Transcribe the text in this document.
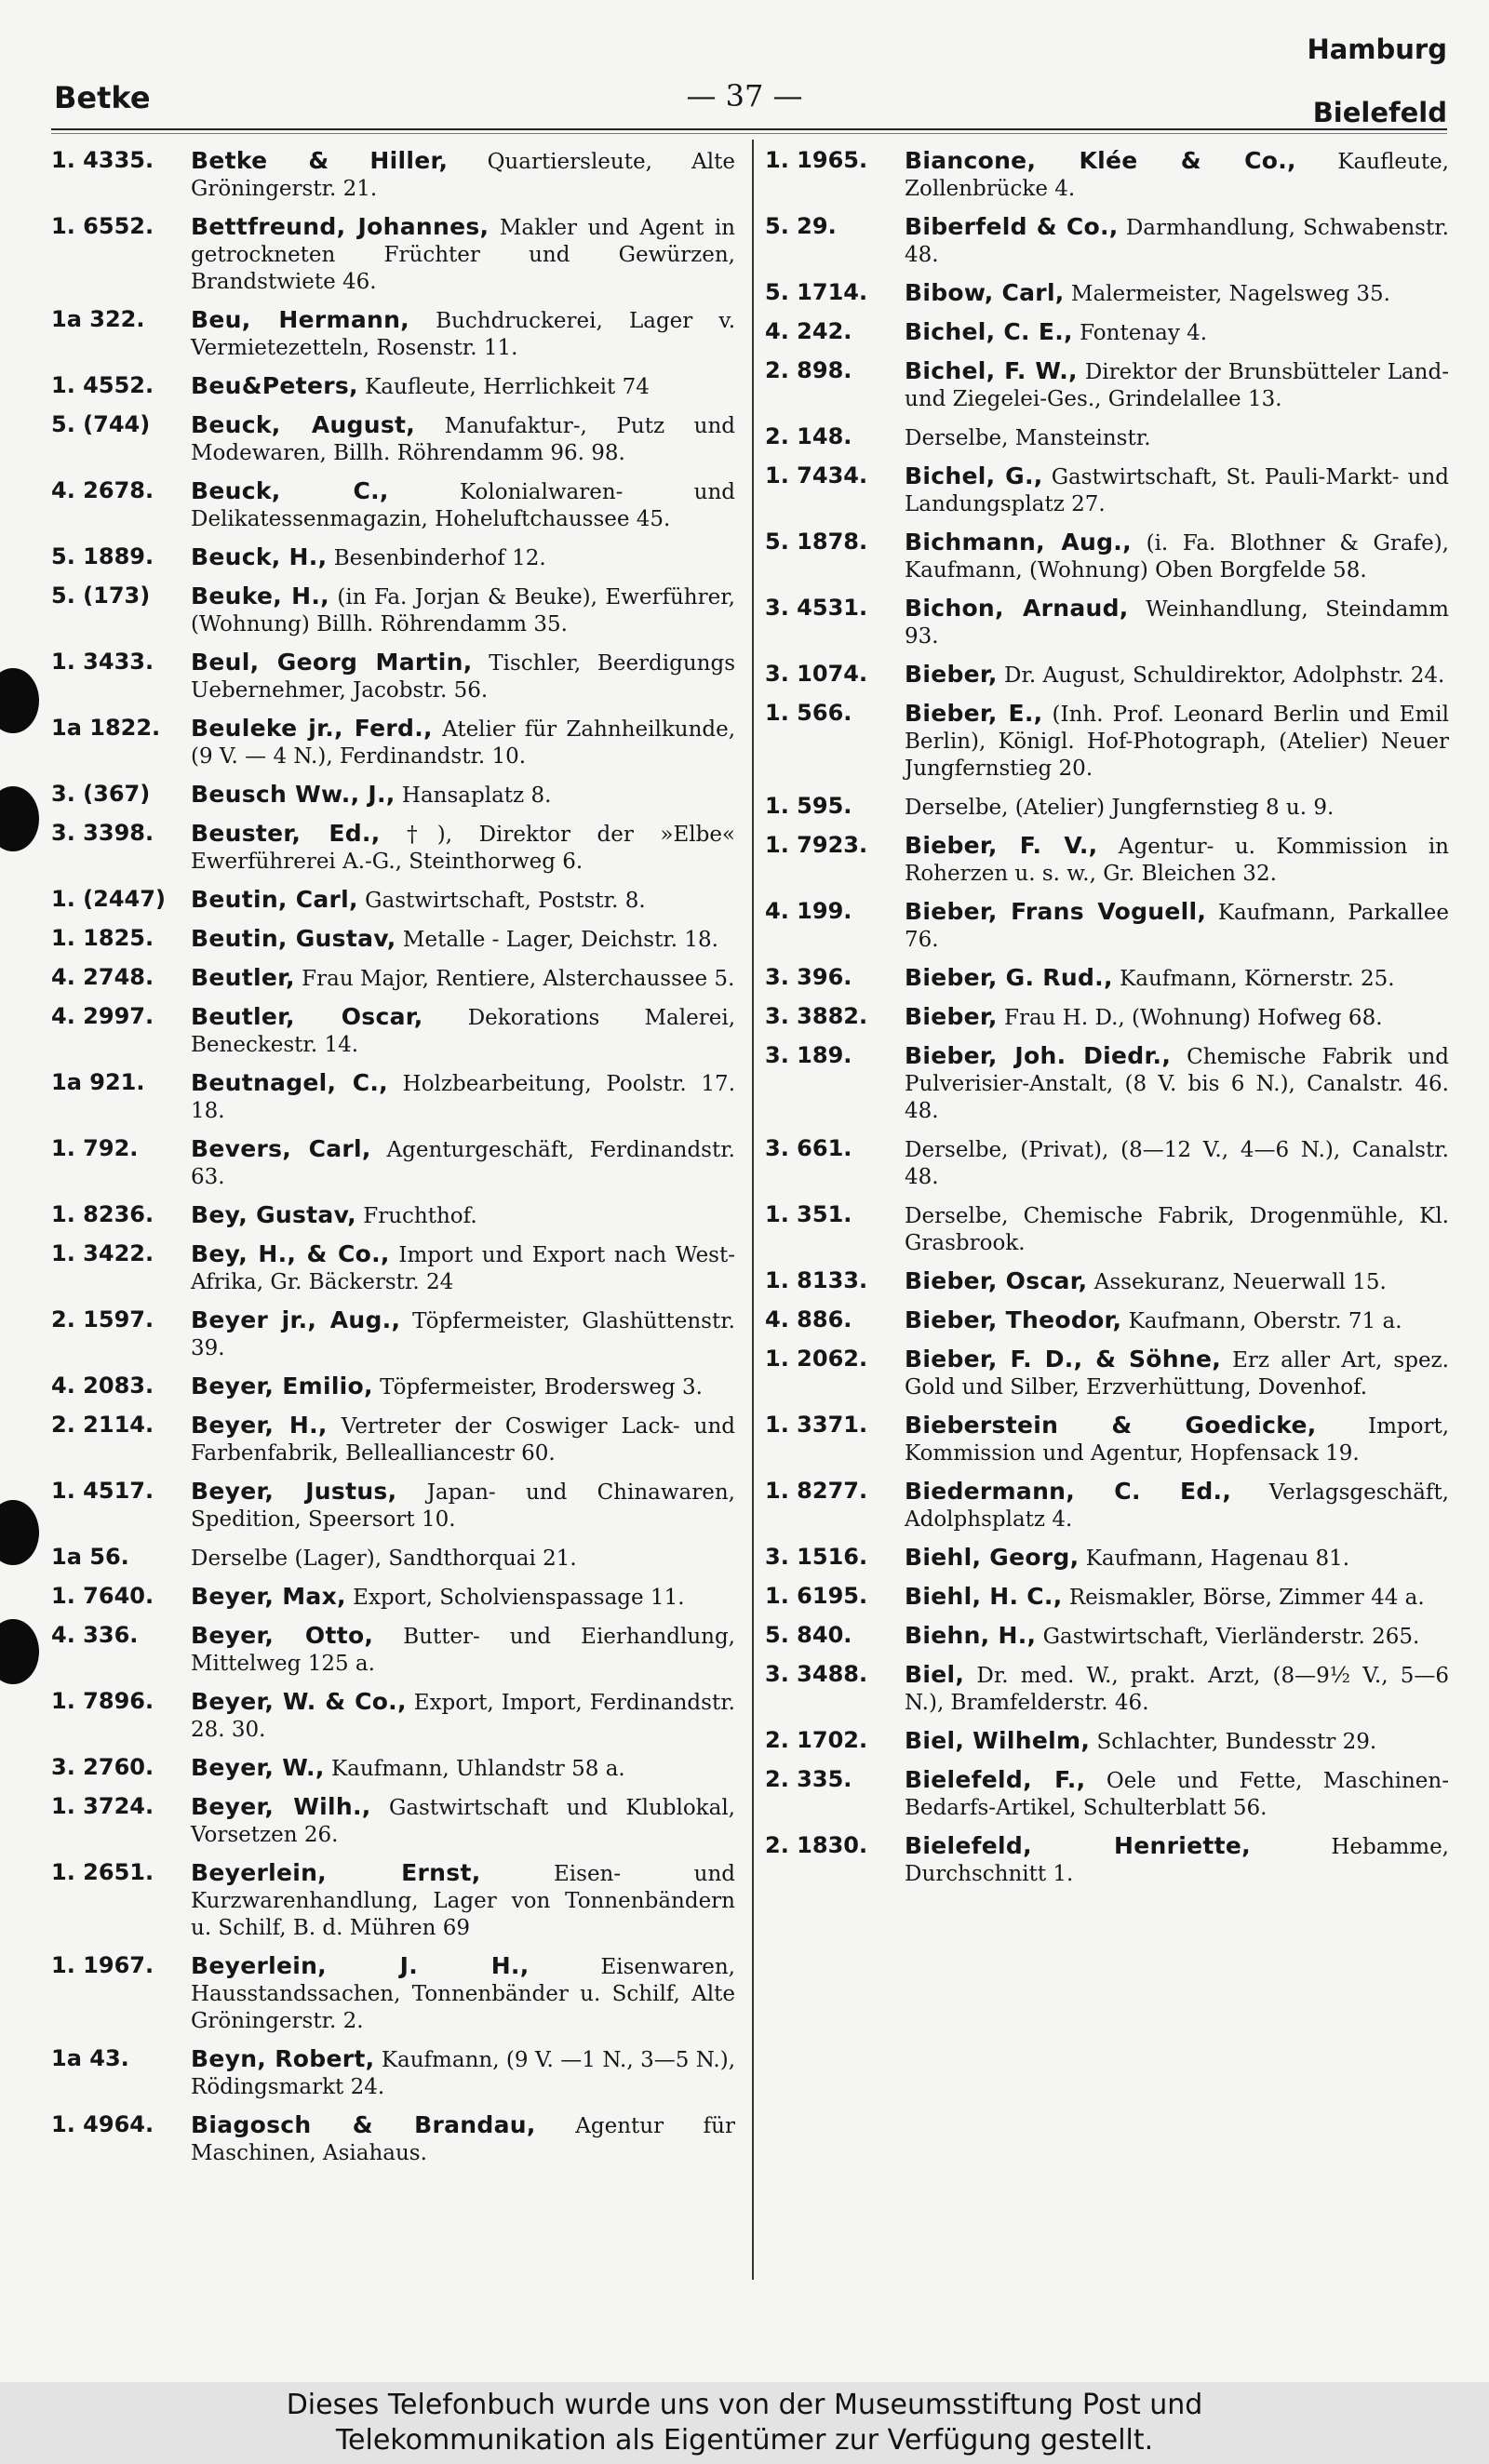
Betke	— 37 —
Hamburg
Bielefeld
1. 4335. Betke & Hiller, Quartiersleute, Alte Gröningerstr. 21.
1. 6552. Bettfreund, Johannes, Makler und Agent in getrockneten Früchter und Gewürzen, Brandstwiete 46.
1a 322. Beu, Hermann, Buchdruckerei, Lager v. Vermietezetteln, Rosenstr. 11.
1. 4552. Beu&Peters, Kaufleute, Herrlichkeit 74
5. (744) Beuck, August, Manufaktur-, Putz und Modewaren, Billh. Röhrendamm 96. 98.
4. 2678. Beuck, C.,	Kolonialwaren- und Delikatessenmagazin, Hoheluftchaussee 45.
5. 1889. Beuck, H., Besenbinderhof 12.
5. (173) Beuke, H., (in Fa. Jorjan & Beuke), Ewerführer, (Wohnung) Billh. Röhrendamm 35.
1. 3433. Beul, Georg Martin, Tischler, Beerdigungs Uebernehmer, Jacobstr. 56.
1a 1822. Beuleke jr., Ferd., Atelier für Zahnheilkunde, (9 V. — 4 N.), Ferdinandstr. 10.
3. (367) Beusch Ww., J., Hansaplatz 8.
3. 3398. Beuster, Ed., †), Direktor der »Elbe« Ewerführerei A.-G., Steinthorweg 6.
1. (2447) Beutin, Carl, Gastwirtschaft, Poststr. 8.
1. 1825. Beutin, Gustav, Metalle - Lager, Deichstr. 18.
4. 2748. Beutler, Frau Major, Rentiere, Alsterchaussee 5.
4. 2997. Beutler, Oscar, Dekorations Malerei, Beneckestr. 14.
1a 921. Beutnagel, C., Holzbearbeitung, Poolstr. 17. 18.
1. 792. Bevers, Carl, Agenturgeschäft, Ferdinandstr. 63.
1. 8236. Bey, Gustav, Fruchthof.
1. 3422. Bey, H., & Co., Import und Export nach West-Afrika, Gr. Bäckerstr. 24
2. 1597. Beyer jr., Aug., Töpfermeister, Glashüttenstr. 39.
4. 2083. Beyer, Emilio, Töpfermeister, Brodersweg 3.
2. 2114. Beyer, H., Vertreter der Coswiger Lack- und Farbenfabrik, Bellealliancestr 60.
1. 4517. Beyer, Justus, Japan- und Chinawaren, Spedition, Speersort 10.
1a 56.	Derselbe (Lager), Sandthorquai 21.
1. 7640. Beyer, Max, Export, Scholvienspassage 11.
4. 336. Beyer, Otto, Butter- und Eierhandlung, Mittelweg 125 a.
1. 7896. Beyer, W. & Co., Export, Import, Ferdinandstr. 28. 30.
3. 2760. Beyer, W., Kaufmann, Uhlandstr 58 a.
1. 3724. Beyer, Wilh., Gastwirtschaft und Klublokal, Vorsetzen 26.
1. 2651. Beyerlein, Ernst,	Eisen- und Kurzwarenhandlung, Lager von Tonnenbändern u. Schilf, B. d. Mühren 69
1. 1967. Beyerlein, J. H.,	Eisenwaren, Hausstandssachen, Tonnenbänder u. Schilf, Alte Gröningerstr. 2.
1a 43.	Beyn, Robert, Kaufmann, (9 V. —1 N., 3—5 N.), Rödingsmarkt 24.
1. 4964. Biagosch & Brandau, Agentur für Maschinen, Asiahaus.
1. 1965. Biancone, Klée & Co., Kaufleute, Zollenbrücke 4.
5. 29.	Biberfeld & Co., Darmhandlung, Schwabenstr. 48.
5. 1714. Bibow, Carl, Malermeister, Nagelsweg 35.
4. 242. Bichel, C. E., Fontenay 4.
2. 898. Bichel, F. W., Direktor der Brunsbütteler Land- und Ziegelei-Ges., Grindelallee 13.
2. 148. Derselbe, Mansteinstr.
1. 7434. Bichel, G., Gastwirtschaft, St. Pauli-Markt- und Landungsplatz 27.
5. 1878. Bichmann, Aug., (i. Fa. Blothner & Grafe), Kaufmann, (Wohnung) Oben Borgfelde 58.
3. 4531. Bichon, Arnaud, Weinhandlung, Steindamm 93.
3. 1074. Bieber, Dr. August, Schuldirektor, Adolphstr. 24.
1. 566. Bieber, E., (Inh. Prof. Leonard Berlin und Emil Berlin), Königl. Hof-Photograph, (Atelier) Neuer Jungfernstieg 20.
1. 595. Derselbe, (Atelier) Jungfernstieg 8 u. 9.
1. 7923. Bieber, F. V., Agentur- u. Kommission in Roherzen u. s. w., Gr. Bleichen 32.
4. 199. Bieber, Frans Voguell, Kaufmann, Parkallee 76.
3. 396. Bieber, G. Rud., Kaufmann, Körnerstr. 25.
3. 3882. Bieber, Frau H. D., (Wohnung) Hofweg 68.
3. 189. Bieber, Joh. Diedr., Chemische Fabrik und Pulverisier-Anstalt, (8 V. bis 6 N.), Canalstr. 46. 48.
3. 661. Derselbe, (Privat), (8—12 V., 4—6 N.), Canalstr. 48.
1. 351. Derselbe, Chemische Fabrik, Drogenmühle, Kl. Grasbrook.
1. 8133. Bieber, Oscar, Assekuranz, Neuerwall 15.
4. 886. Bieber, Theodor, Kaufmann, Oberstr. 71 a.
1. 2062. Bieber, F. D., & Söhne, Erz aller Art, spez. Gold und Silber, Erzverhüttung, Dovenhof.
1. 3371. Bieberstein & Goedicke, Import, Kommission und Agentur, Hopfensack 19.
1. 8277. Biedermann, C. Ed., Verlagsgeschäft, Adolphsplatz 4.
3. 1516. Biehl, Georg, Kaufmann, Hagenau 81.
1. 6195. Biehl, H. C., Reismakler, Börse, Zimmer 44 a.
5. 840. Biehn, H., Gastwirtschaft, Vierländerstr. 265.
3. 3488. Biel, Dr. med. W., prakt. Arzt, (8—9½ V., 5—6 N.), Bramfelderstr. 46.
2. 1702. Biel, Wilhelm, Schlachter, Bundesstr 29.
2. 335. Bielefeld, F., Oele und Fette, Maschinen-Bedarfs-Artikel, Schulterblatt 56.
2. 1830. Bielefeld, Henriette,	Hebamme, Durchschnitt 1.
Dieses Telefonbuch wurde uns von der Museumsstiftung Post und
Telekommunikation als Eigentümer zur Verfügung gestellt.
